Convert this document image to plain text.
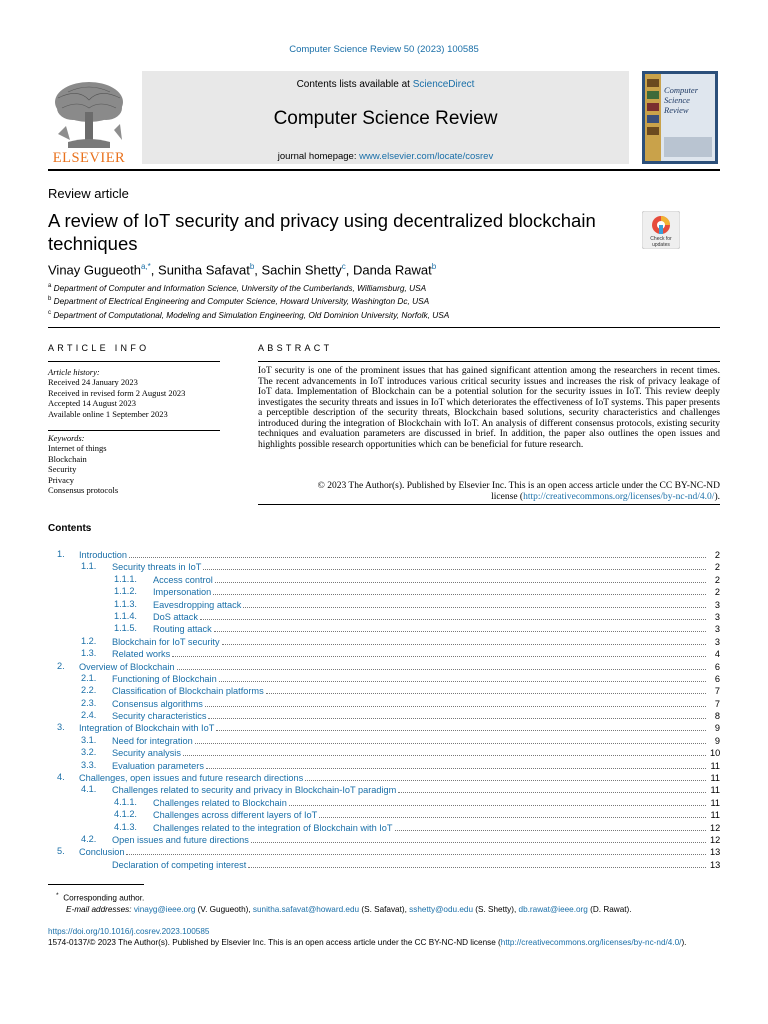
Computer Science Review 50 (2023) 100585
ELSEVIER
Contents lists available at ScienceDirect
Computer Science Review
journal homepage: www.elsevier.com/locate/cosrev
Computer
Science
Review
Review article
A review of IoT security and privacy using decentralized blockchain techniques	Check for updates
Vinay Gugueoth$^{a,*}$, Sunitha Safavat$^b$, Sachin Shetty$^c$, Danda Rawat$^b$
$^a$ Department of Computer and Information Science, University of the Cumberlands, Williamsburg, USA
$^b$ Department of Electrical Engineering and Computer Science, Howard University, Washington Dc, USA
$^c$ Department of Computational, Modeling and Simulation Engineering, Old Dominion University, Norfolk, USA
ARTICLE INFO	ABSTRACT
Article history:
Received 24 January 2023
Received in revised form 2 August 2023
Accepted 14 August 2023
Available online 1 September 2023
Keywords:
Internet of things
Blockchain
Security
Privacy
Consensus protocols
IoT security is one of the prominent issues that has gained significant attention among the researchers in recent times. The recent advancements in IoT introduces various critical security issues and increases the risk of privacy leakage of IoT data. Implementation of Blockchain can be a potential solution for the security issues in IoT. This review deeply investigates the security threats and issues in IoT which deteriorates the effectiveness of IoT systems. This paper presents a perceptible description of the security threats, Blockchain based solutions, security characteristics and challenges introduced during the integration of Blockchain with IoT. An analysis of different consensus protocols, existing security techniques and evaluation parameters are discussed in brief. In addition, the paper also outlines the open issues and highlights possible research opportunities which can be beneficial for future research.
© 2023 The Author(s). Published by Elsevier Inc. This is an open access article under the CC BY-NC-ND
license (http://creativecommons.org/licenses/by-nc-nd/4.0/).
Contents
1.	Introduction	2
1.1.	Security threats in IoT	2
1.1.1.	Access control	2
1.1.2.	Impersonation	2
1.1.3.	Eavesdropping attack	3
1.1.4.	DoS attack	3
1.1.5.	Routing attack	3
1.2.	Blockchain for IoT security	3
1.3.	Related works	4
2.	Overview of Blockchain	6
2.1.	Functioning of Blockchain	6
2.2.	Classification of Blockchain platforms	7
2.3.	Consensus algorithms	7
2.4.	Security characteristics	8
3.	Integration of Blockchain with IoT	9
3.1.	Need for integration	9
3.2.	Security analysis	10
3.3.	Evaluation parameters	11
4.	Challenges, open issues and future research directions	11
4.1.	Challenges related to security and privacy in Blockchain-IoT paradigm	11
4.1.1.	Challenges related to Blockchain	11
4.1.2.	Challenges across different layers of IoT	11
4.1.3.	Challenges related to the integration of Blockchain with IoT	12
4.2.	Open issues and future directions	12
5.	Conclusion	13
Declaration of competing interest	13
* Corresponding author.
E-mail addresses: vinayg@ieee.org (V. Gugueoth), sunitha.safavat@howard.edu (S. Safavat), sshetty@odu.edu (S. Shetty), db.rawat@ieee.org (D. Rawat).
https://doi.org/10.1016/j.cosrev.2023.100585
1574-0137/© 2023 The Author(s). Published by Elsevier Inc. This is an open access article under the CC BY-NC-ND license (http://creativecommons.org/licenses/by-nc-nd/4.0/).
